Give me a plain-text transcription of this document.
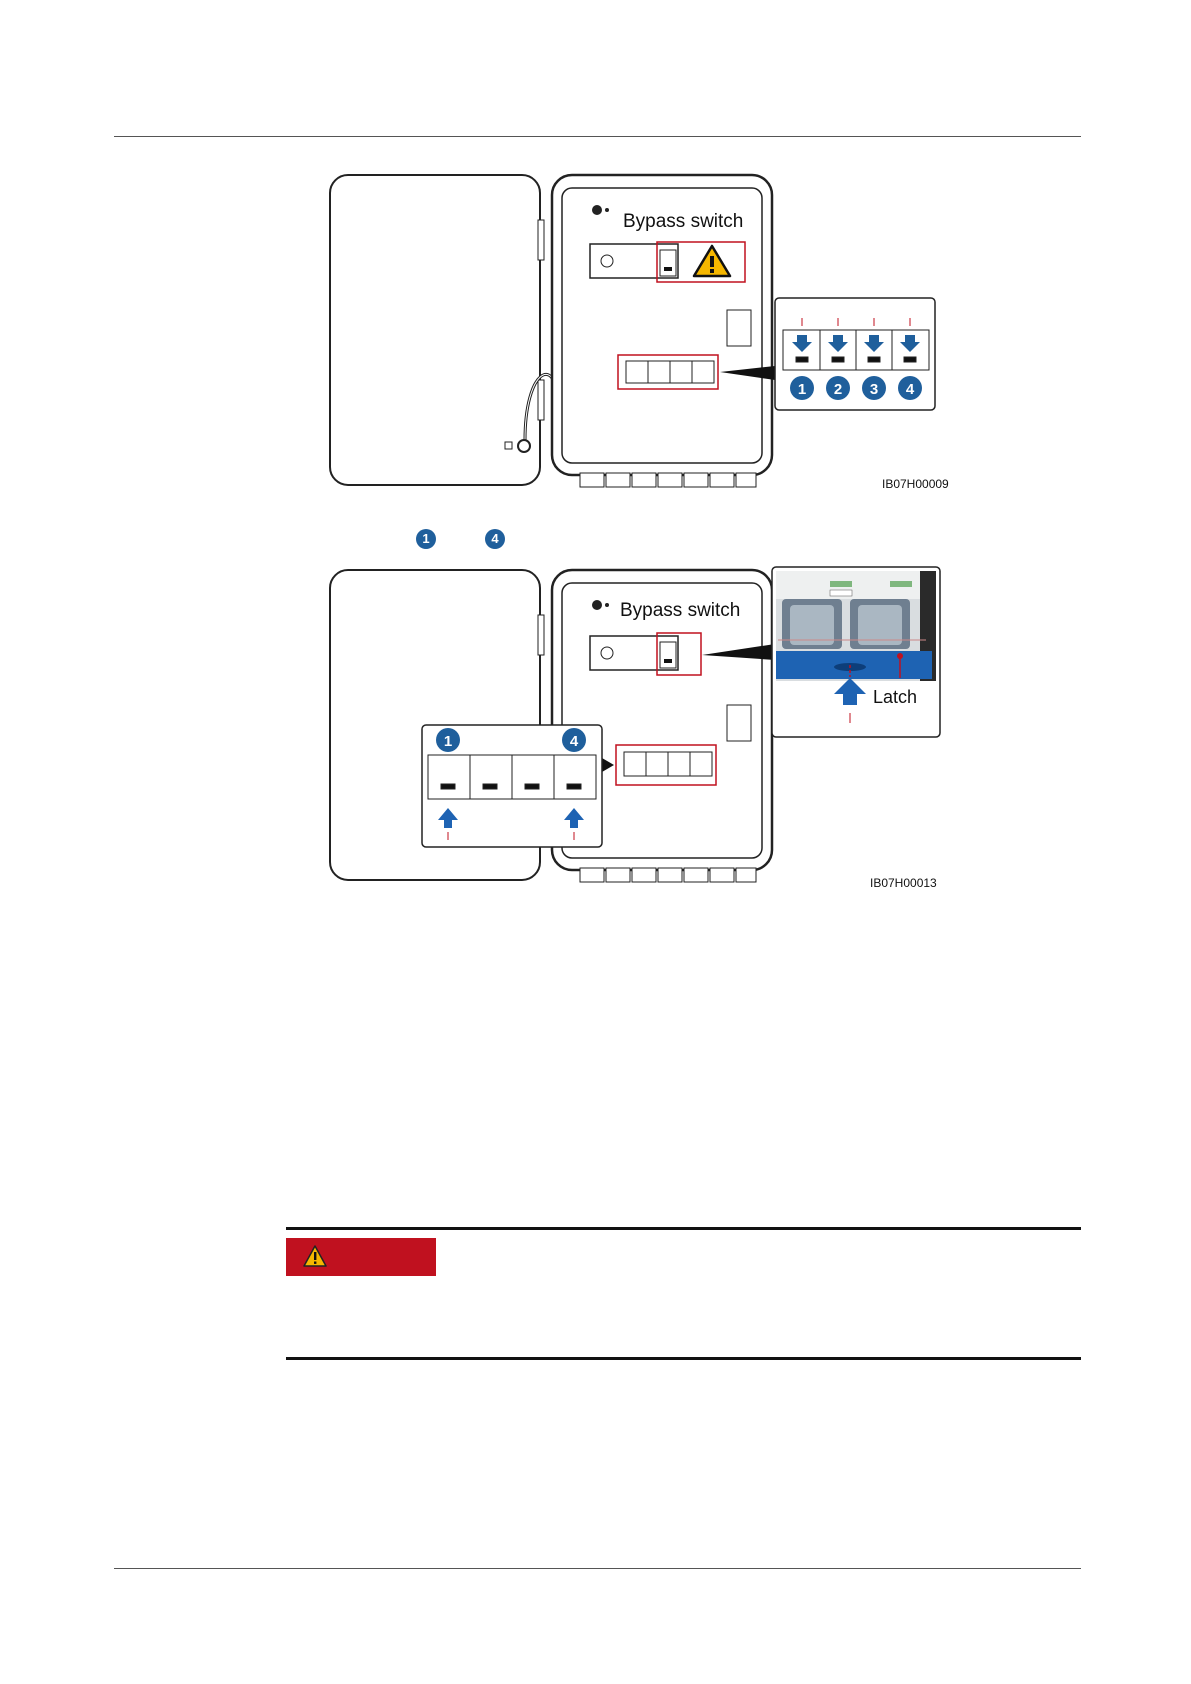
Bypass switch
1 2 3 4
IB07H00009
1	4
Bypass switch
Latch
1	4
IB07H00013
